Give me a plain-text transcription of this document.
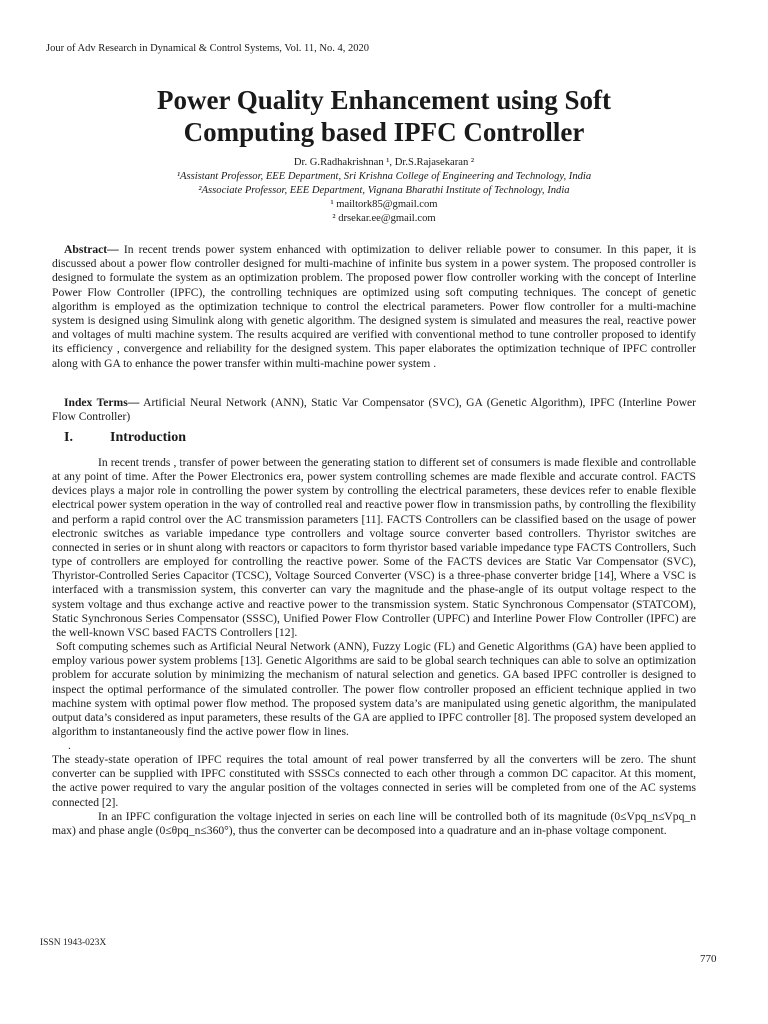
Jour of Adv Research in Dynamical & Control Systems, Vol. 11, No. 4, 2020
Power Quality Enhancement using Soft
Computing based IPFC Controller
Dr. G.Radhakrishnan ¹, Dr.S.Rajasekaran ²
¹Assistant Professor, EEE Department, Sri Krishna College of Engineering and Technology, India
²Associate Professor, EEE Department, Vignana Bharathi Institute of Technology, India
¹ mailtork85@gmail.com
² drsekar.ee@gmail.com
Abstract— In recent trends power system enhanced with optimization to deliver reliable power to consumer. In this paper, it is discussed about a power flow controller designed for multi-machine of infinite bus system in a power system. The proposed controller is designed to formulate the system as an optimization problem. The proposed power flow controller working with the concept of Interline Power Flow Controller (IPFC), the controlling techniques are optimized using soft computing techniques. The concept of genetic algorithm is employed as the optimization technique to control the electrical parameters. Power flow controller for a multi-machine system is designed using Simulink along with genetic algorithm. The designed system is simulated and measures the real, reactive power and voltages of multi machine system. The results acquired are verified with conventional method to tune controller proposed to identify its efficiency , convergence and reliability for the designed system. This paper elaborates the optimization technique of IPFC controller along with GA to enhance the power transfer within multi-machine power system .
Index Terms— Artificial Neural Network (ANN), Static Var Compensator (SVC), GA (Genetic Algorithm), IPFC (Interline Power Flow Controller)
I.	Introduction

In recent trends , transfer of power between the generating station to different set of consumers is made flexible and controllable at any point of time. After the Power Electronics era, power system controlling schemes are made flexible and accurate control. FACTS devices plays a major role in controlling the power system by controlling the electrical parameters, these devices refer to enable flexible electrical power system operation in the way of controlled real and reactive power flow in transmission paths, by controlling the flexibility and perform a rapid control over the AC transmission parameters [11]. FACTS Controllers can be classified based on the usage of power electronic switches as variable impedance type controllers and voltage source converter based controllers. Thyristor switches are connected in series or in shunt along with reactors or capacitors to form thyristor based variable impedance type FACTS Controllers, Such type of controllers are employed for controlling the reactive power. Some of the FACTS devices are Static Var Compensator (SVC), Thyristor-Controlled Series Capacitor (TCSC), Voltage Sourced Converter (VSC) is a three-phase converter bridge [14], Where a VSC is interfaced with a transmission system, this converter can vary the magnitude and the phase-angle of its output voltage respect to the system voltage and thus exchange active and reactive power to the transmission system. Static Synchronous Compensator (STATCOM), Static Synchronous Series Compensator (SSSC), Unified Power Flow Controller (UPFC) and Interline Power Flow Controller (IPFC) are the well-known VSC based FACTS Controllers [12].

Soft computing schemes such as Artificial Neural Network (ANN), Fuzzy Logic (FL) and Genetic Algorithms (GA) have been applied to employ various power system problems [13]. Genetic Algorithms are said to be global search techniques can able to solve an optimization problem for accurate solution by minimizing the mechanism of natural selection and genetics. GA based IPFC controller is designed to inspect the optimal performance of the simulated controller. The power flow controller proposed an efficient technique applied in two machine system with optimal power flow method. The proposed system data’s are manipulated using genetic algorithm, the manipulated output data’s considered as input parameters, these results of the GA are applied to IPFC controller [8]. The proposed system developed an algorithm to instantaneously find the active power flow in lines.

.

The steady-state operation of IPFC requires the total amount of real power transferred by all the converters will be zero. The shunt converter can be supplied with IPFC constituted with SSSCs connected to each other through a common DC capacitor. At this moment, the active power required to vary the angular position of the voltages connected in series will be completed from one of the AC systems connected [2].

In an IPFC configuration the voltage injected in series on each line will be controlled both of its magnitude (0≤Vpq_n≤Vpq_n max) and phase angle (0≤θpq_n≤360°), thus the converter can be decomposed into a quadrature and an in-phase voltage component.

ISSN 1943-023X
770
